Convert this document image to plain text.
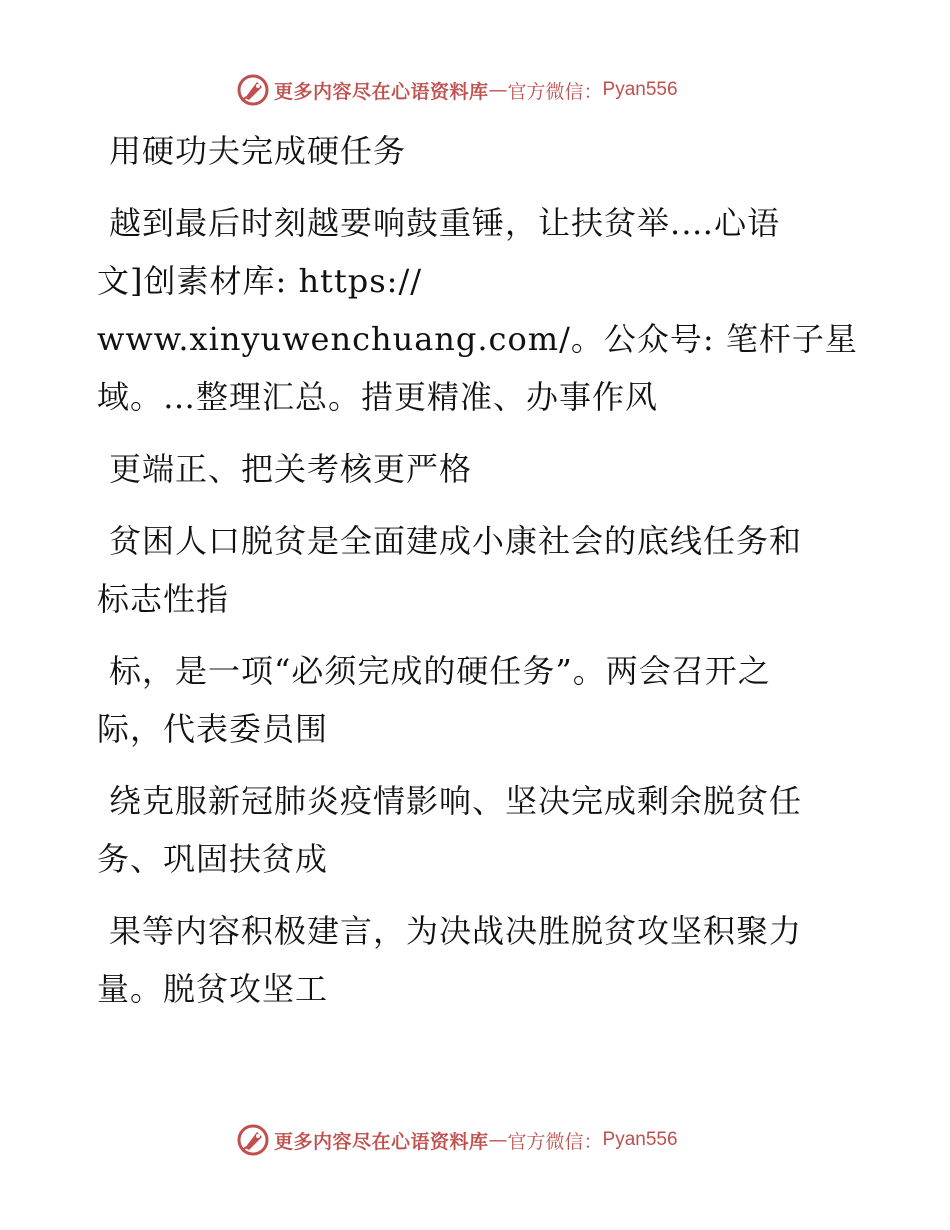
更多内容尽在心语资料库 — 官方微信： Pyan556
用硬功夫完成硬任务
越到最后时刻越要响鼓重锤，让扶贫举.…心语
文]创素材库: https://
www.xinyuwenchuang.com/。公众号: 笔杆子星
域。…整理汇总。措更精准、办事作风
更端正、把关考核更严格
贫困人口脱贫是全面建成小康社会的底线任务和
标志性指
标，是一项“必须完成的硬任务”。两会召开之
际，代表委员围
绕克服新冠肺炎疫情影响、坚决完成剩余脱贫任
务、巩固扶贫成
果等内容积极建言，为决战决胜脱贫攻坚积聚力
量。脱贫攻坚工
更多内容尽在心语资料库 — 官方微信： Pyan556
